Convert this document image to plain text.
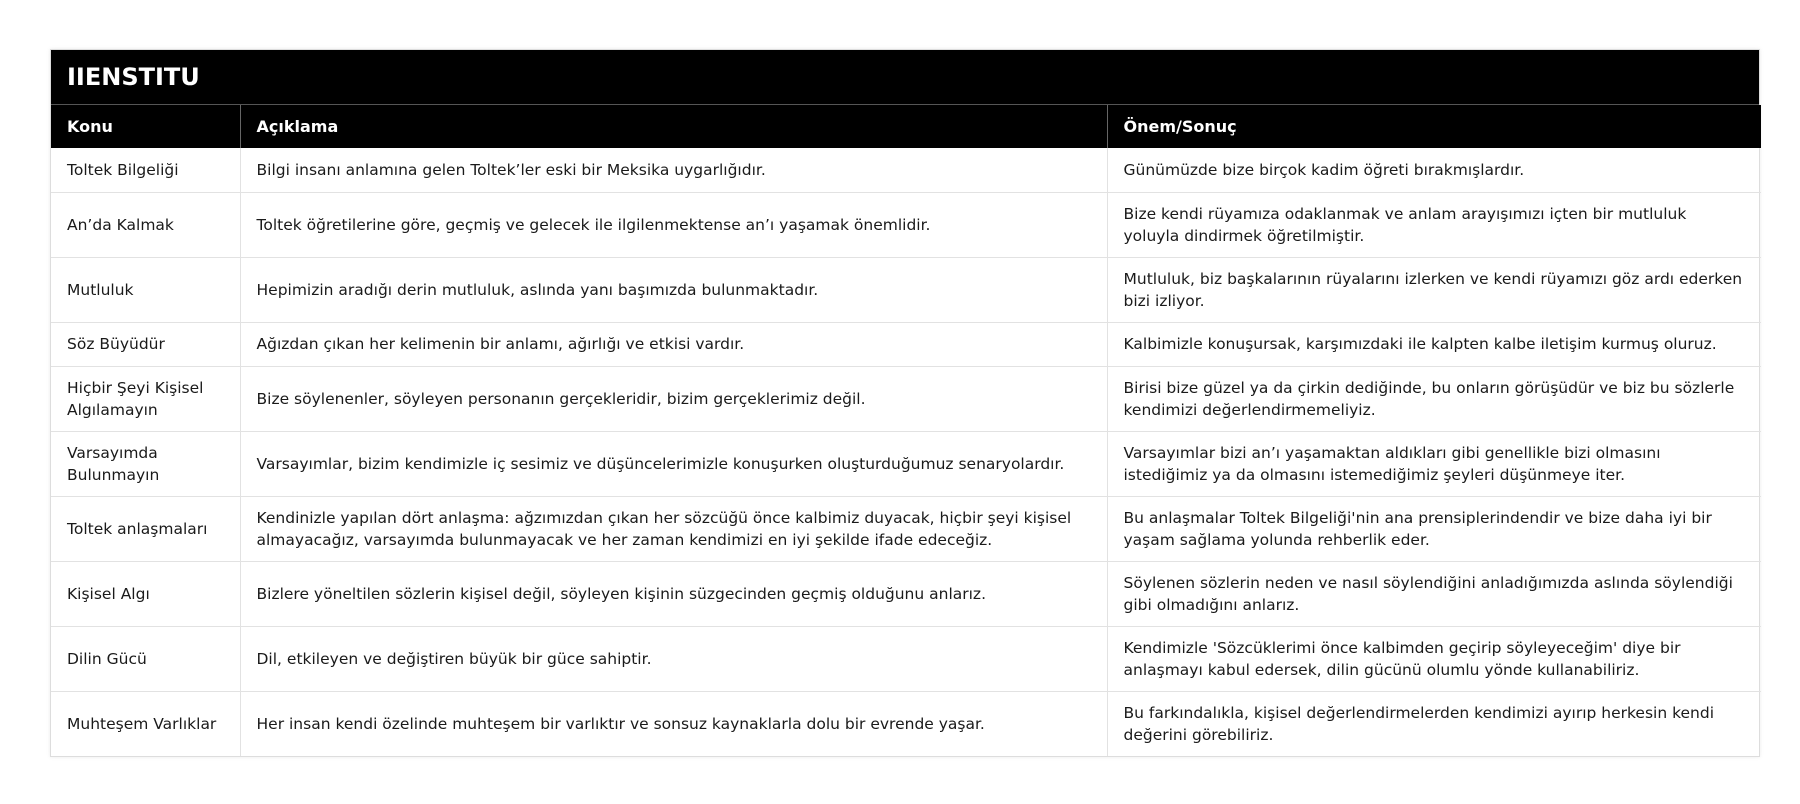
IIENSTITU
Konu	Açıklama	Önem/Sonuç
Toltek Bilgeliği	Bilgi insanı anlamına gelen Toltek’ler eski bir Meksika uygarlığıdır.	Günümüzde bize birçok kadim öğreti bırakmışlardır.
An’da Kalmak	Toltek öğretilerine göre, geçmiş ve gelecek ile ilgilenmektense an’ı yaşamak önemlidir.	Bize kendi rüyamıza odaklanmak ve anlam arayışımızı içten bir mutluluk yoluyla dindirmek öğretilmiştir.
Mutluluk	Hepimizin aradığı derin mutluluk, aslında yanı başımızda bulunmaktadır.	Mutluluk, biz başkalarının rüyalarını izlerken ve kendi rüyamızı göz ardı ederken bizi izliyor.
Söz Büyüdür	Ağızdan çıkan her kelimenin bir anlamı, ağırlığı ve etkisi vardır.	Kalbimizle konuşursak, karşımızdaki ile kalpten kalbe iletişim kurmuş oluruz.
Hiçbir Şeyi Kişisel Algılamayın	Bize söylenenler, söyleyen personanın gerçekleridir, bizim gerçeklerimiz değil.	Birisi bize güzel ya da çirkin dediğinde, bu onların görüşüdür ve biz bu sözlerle kendimizi değerlendirmemeliyiz.
Varsayımda Bulunmayın	Varsayımlar, bizim kendimizle iç sesimiz ve düşüncelerimizle konuşurken oluşturduğumuz senaryolardır.	Varsayımlar bizi an’ı yaşamaktan aldıkları gibi genellikle bizi olmasını istediğimiz ya da olmasını istemediğimiz şeyleri düşünmeye iter.
Toltek anlaşmaları	Kendinizle yapılan dört anlaşma: ağzımızdan çıkan her sözcüğü önce kalbimiz duyacak, hiçbir şeyi kişisel almayacağız, varsayımda bulunmayacak ve her zaman kendimizi en iyi şekilde ifade edeceğiz.	Bu anlaşmalar Toltek Bilgeliği'nin ana prensiplerindendir ve bize daha iyi bir yaşam sağlama yolunda rehberlik eder.
Kişisel Algı	Bizlere yöneltilen sözlerin kişisel değil, söyleyen kişinin süzgecinden geçmiş olduğunu anlarız.	Söylenen sözlerin neden ve nasıl söylendiğini anladığımızda aslında söylendiği gibi olmadığını anlarız.
Dilin Gücü	Dil, etkileyen ve değiştiren büyük bir güce sahiptir.	Kendimizle 'Sözcüklerimi önce kalbimden geçirip söyleyeceğim' diye bir anlaşmayı kabul edersek, dilin gücünü olumlu yönde kullanabiliriz.
Muhteşem Varlıklar	Her insan kendi özelinde muhteşem bir varlıktır ve sonsuz kaynaklarla dolu bir evrende yaşar.	Bu farkındalıkla, kişisel değerlendirmelerden kendimizi ayırıp herkesin kendi değerini görebiliriz.
